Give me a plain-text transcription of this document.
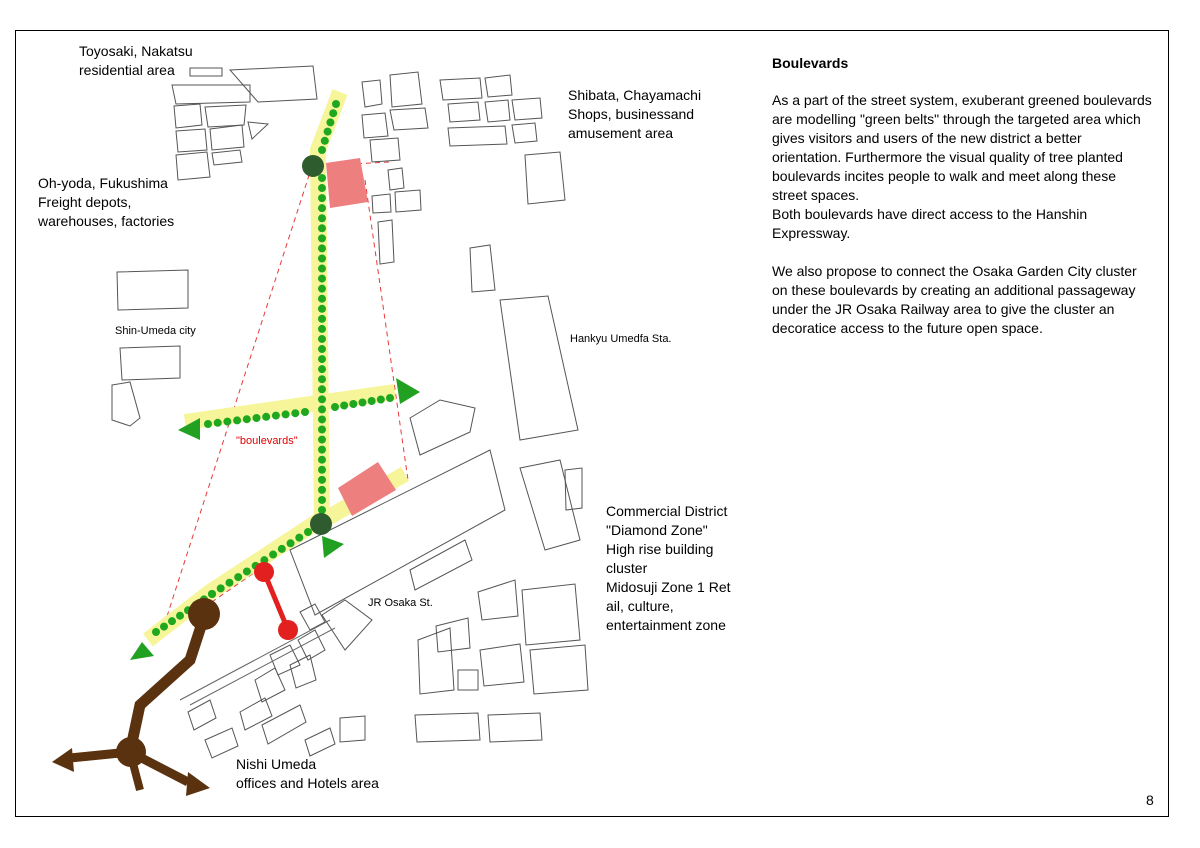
Toyosaki, Nakatsu
residential area
Shibata, Chayamachi
Shops, businessand
amusement area
Oh-yoda, Fukushima
Freight depots,
warehouses, factories
Shin-Umeda city
Hankyu Umedfa Sta.
"boulevards"
Commercial District
"Diamond Zone"
High rise building
cluster
Midosuji Zone 1 Ret
ail, culture,
entertainment zone
JR Osaka St.
Nishi Umeda
offices and Hotels area
Boulevards

As a part of the street system, exuberant greened boulevards are modelling "green belts" through the targeted area which gives visitors and users of the new district a better orientation. Furthermore the visual quality of tree planted boulevards incites people to walk and meet along these street spaces.
Both boulevards have direct access to the Hanshin Expressway.

We also propose to connect the Osaka Garden City cluster on these boulevards by creating an additional passageway under the JR Osaka Railway area to give the cluster an decoratice access to the future open space.

8
